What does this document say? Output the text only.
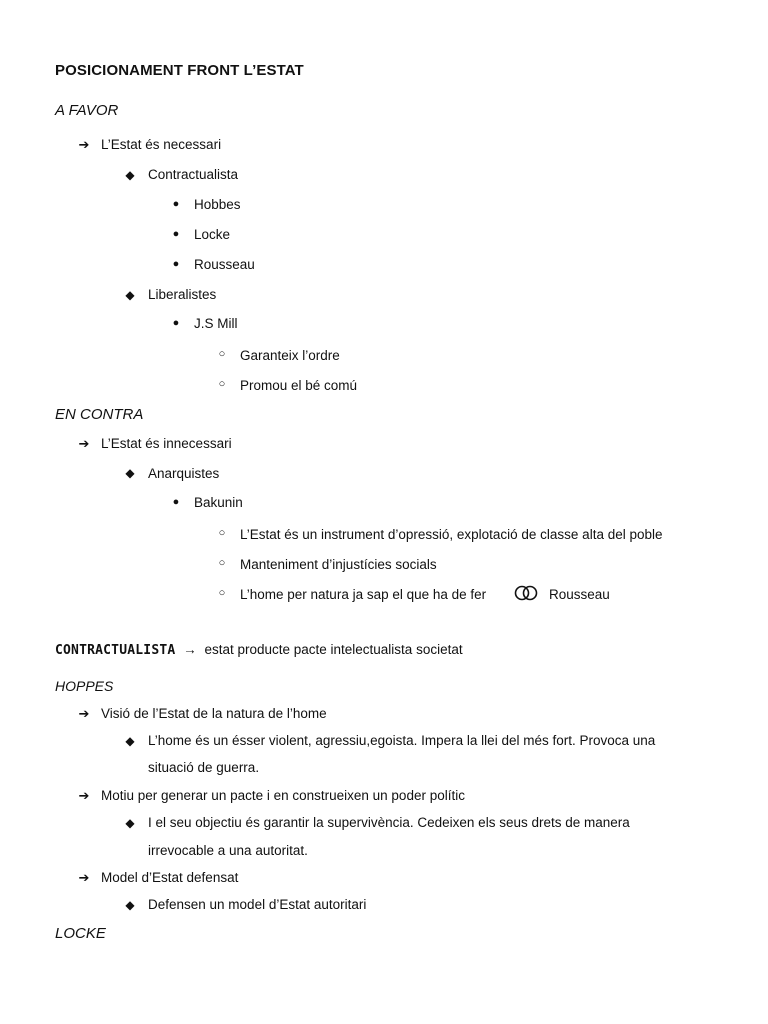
POSICIONAMENT FRONT L’ESTAT
A FAVOR
➔ L’Estat és necessari
◆ Contractualista
●	Hobbes
●	Locke
●	Rousseau
◆ Liberalistes
●	J.S Mill
○	Garanteix l’ordre
○	Promou el bé comú
EN CONTRA
➔ L’Estat és innecessari
◆ Anarquistes
●	Bakunin
○	L’Estat és un instrument d’opressió, explotació de classe alta del poble
○	Manteniment d’injustícies socials
○	L’home per natura ja sap el que ha de fer	Rousseau
CONTRACTUALISTA → estat producte pacte intelectualista societat
HOPPES
➔ Visió de l’Estat de la natura de l’home
◆ L’home és un ésser violent, agressiu,egoista. Impera la llei del més fort. Provoca una
situació de guerra.
➔ Motiu per generar un pacte i en construeixen un poder polític
◆ I el seu objectiu és garantir la supervivència. Cedeixen els seus drets de manera
irrevocable a una autoritat.
➔ Model d’Estat defensat
◆ Defensen un model d’Estat autoritari
LOCKE
